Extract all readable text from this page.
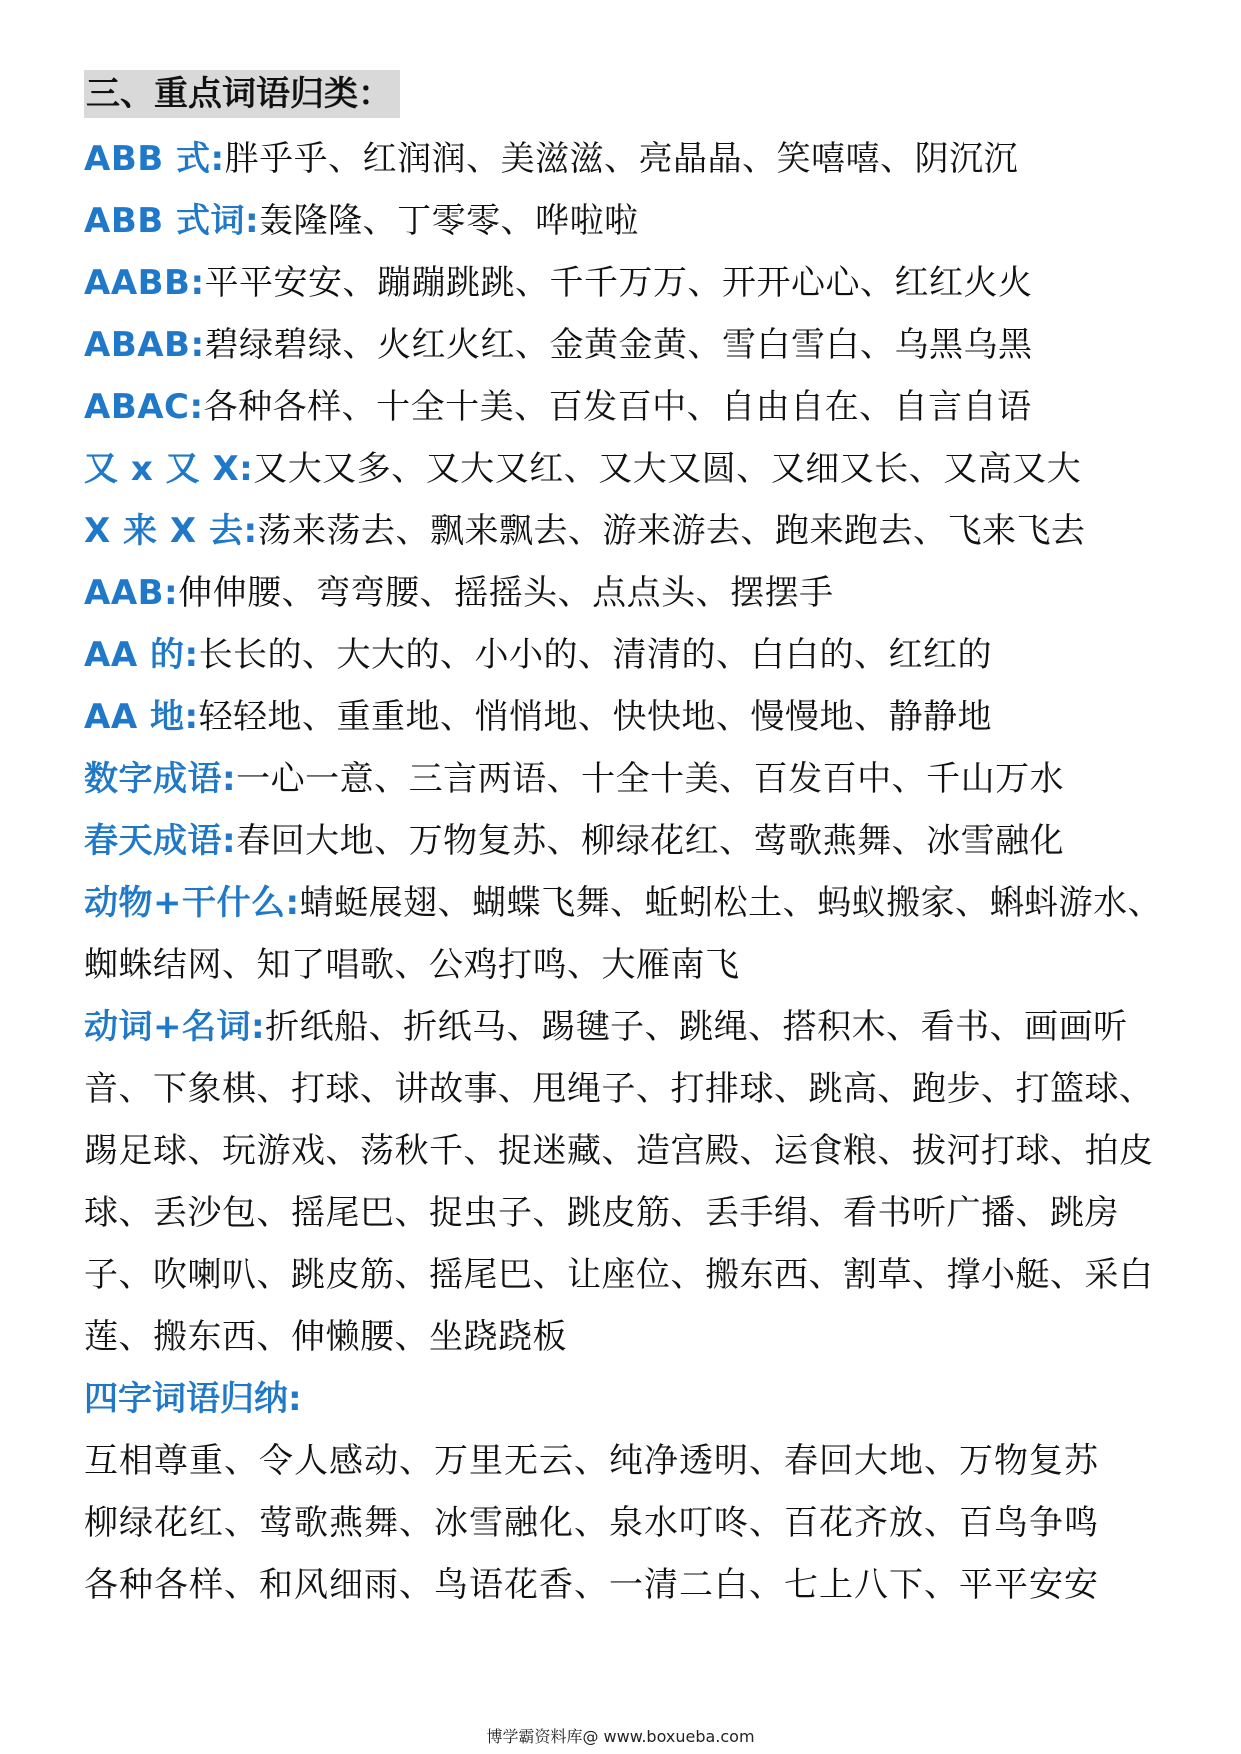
三、重点词语归类：
ABB 式:胖乎乎、红润润、美滋滋、亮晶晶、笑嘻嘻、阴沉沉
ABB 式词:轰隆隆、丁零零、哗啦啦
AABB:平平安安、蹦蹦跳跳、千千万万、开开心心、红红火火
ABAB:碧绿碧绿、火红火红、金黄金黄、雪白雪白、乌黑乌黑
ABAC:各种各样、十全十美、百发百中、自由自在、自言自语
又 x 又 X:又大又多、又大又红、又大又圆、又细又长、又高又大
X 来 X 去:荡来荡去、飘来飘去、游来游去、跑来跑去、飞来飞去
AAB:伸伸腰、弯弯腰、摇摇头、点点头、摆摆手
AA 的:长长的、大大的、小小的、清清的、白白的、红红的
AA 地:轻轻地、重重地、悄悄地、快快地、慢慢地、静静地
数字成语:一心一意、三言两语、十全十美、百发百中、千山万水
春天成语:春回大地、万物复苏、柳绿花红、莺歌燕舞、冰雪融化
动物+干什么:蜻蜓展翅、蝴蝶飞舞、蚯蚓松土、蚂蚁搬家、蝌蚪游水、蜘蛛结网、知了唱歌、公鸡打鸣、大雁南飞
动词+名词:折纸船、折纸马、踢毽子、跳绳、搭积木、看书、画画听音、下象棋、打球、讲故事、甩绳子、打排球、跳高、跑步、打篮球、踢足球、玩游戏、荡秋千、捉迷藏、造宫殿、运食粮、拔河打球、拍皮球、丢沙包、摇尾巴、捉虫子、跳皮筋、丢手绢、看书听广播、跳房子、吹喇叭、跳皮筋、摇尾巴、让座位、搬东西、割草、撑小艇、采白莲、搬东西、伸懒腰、坐跷跷板
四字词语归纳:
互相尊重、令人感动、万里无云、纯净透明、春回大地、万物复苏
柳绿花红、莺歌燕舞、冰雪融化、泉水叮咚、百花齐放、百鸟争鸣
各种各样、和风细雨、鸟语花香、一清二白、七上八下、平平安安
博学霸资料库@ www.boxueba.com
